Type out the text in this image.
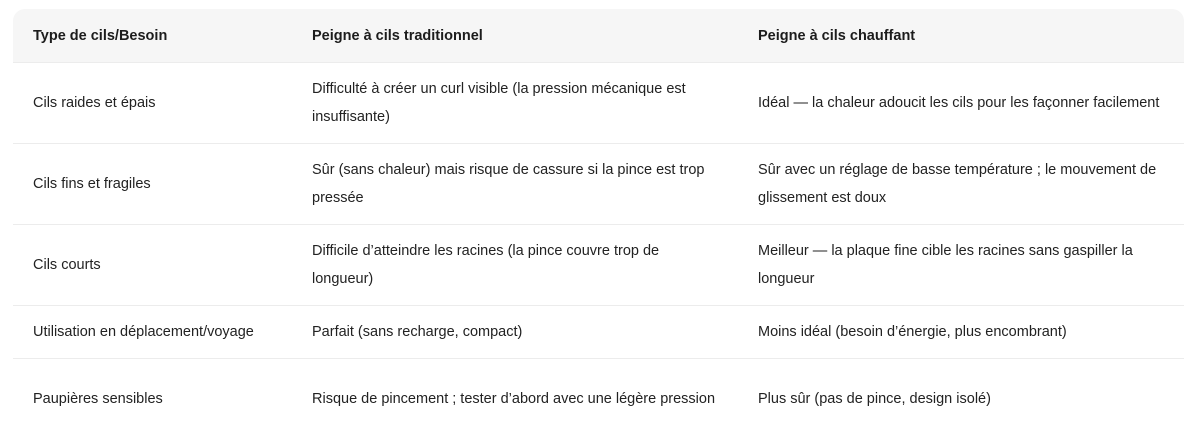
Type de cils/Besoin	Peigne à cils traditionnel	Peigne à cils chauffant
Cils raides et épais	Difficulté à créer un curl visible (la pression mécanique est insuffisante)	Idéal — la chaleur adoucit les cils pour les façonner facilement
Cils fins et fragiles	Sûr (sans chaleur) mais risque de cassure si la pince est trop pressée	Sûr avec un réglage de basse température ; le mouvement de glissement est doux
Cils courts	Difficile d’atteindre les racines (la pince couvre trop de longueur)	Meilleur — la plaque fine cible les racines sans gaspiller la longueur
Utilisation en déplacement/voyage	Parfait (sans recharge, compact)	Moins idéal (besoin d’énergie, plus encombrant)
Paupières sensibles	Risque de pincement ; tester d’abord avec une légère pression	Plus sûr (pas de pince, design isolé)
